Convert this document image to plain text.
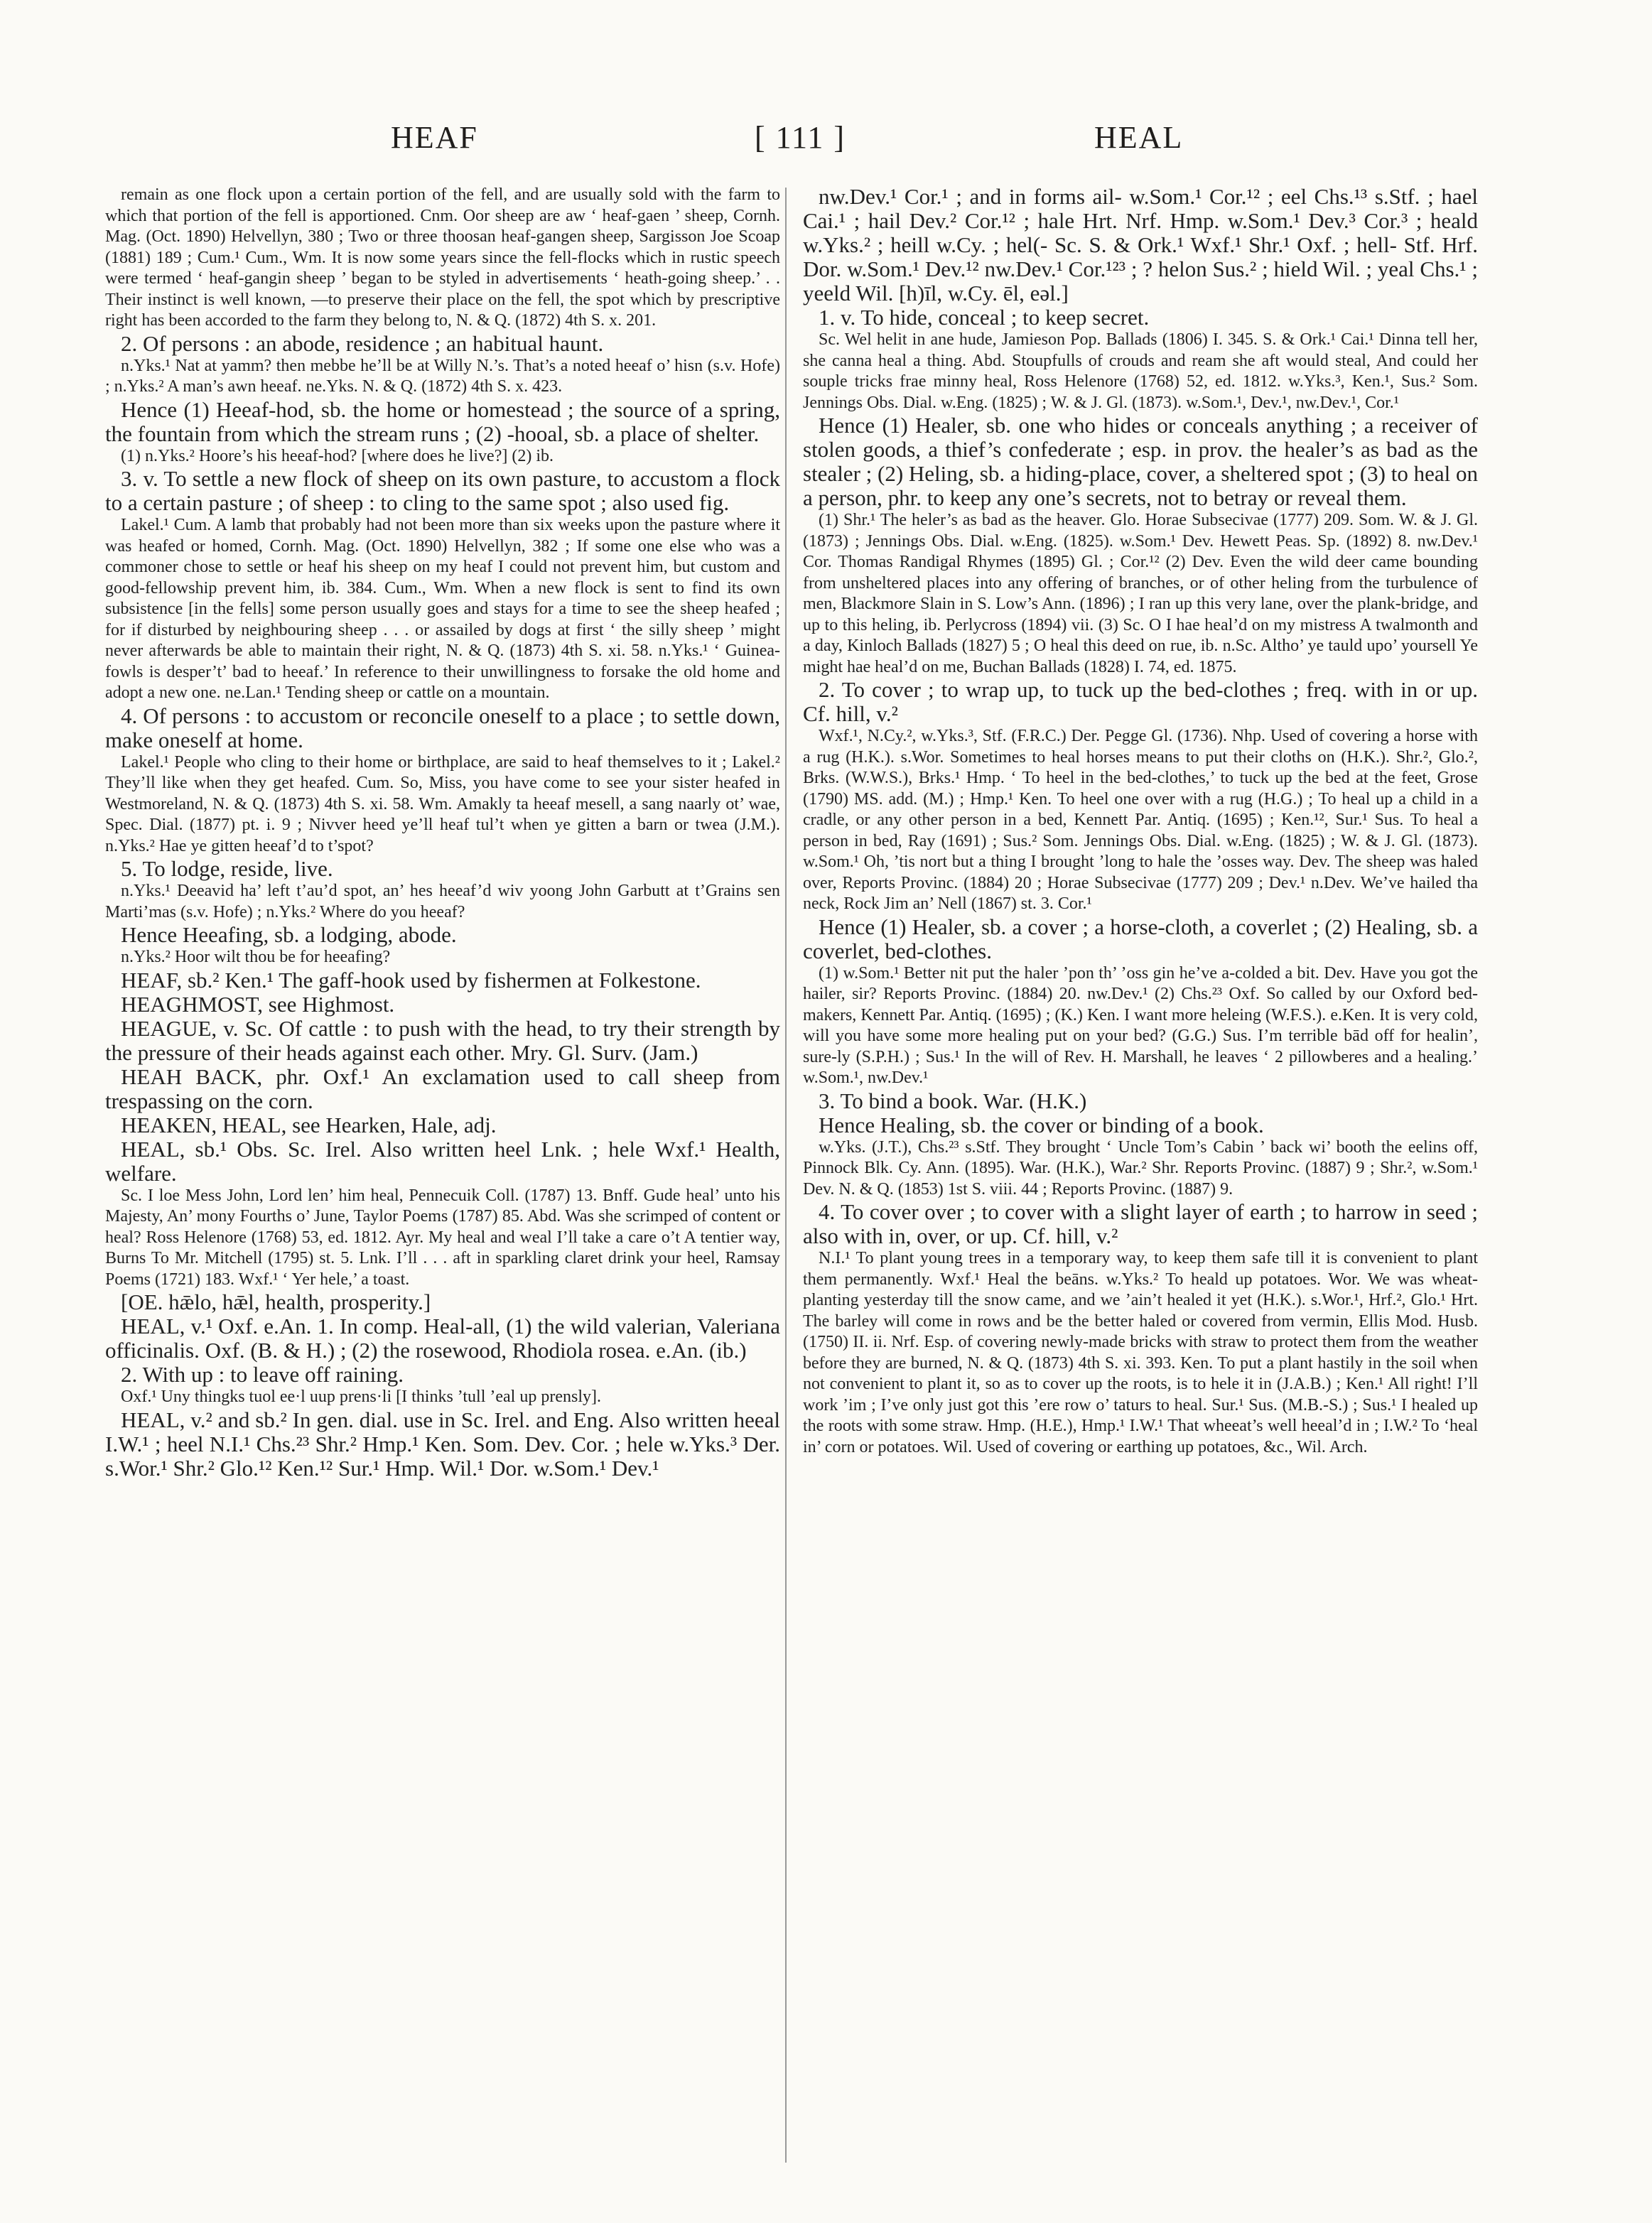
HEAF	[ 111 ]	HEAL

remain as one flock upon a certain portion of the fell, and are usually sold with the farm to which that portion of the fell is apportioned. Cnm. Oor sheep are aw ‘ heaf-gaen ’ sheep, Cornh. Mag. (Oct. 1890) Helvellyn, 380 ; Two or three thoosan heaf-gangen sheep, Sargisson Joe Scoap (1881) 189 ; Cum.¹ Cum., Wm. It is now some years since the fell-flocks which in rustic speech were termed ‘ heaf-gangin sheep ’ began to be styled in advertisements ‘ heath-going sheep.’ . . Their instinct is well known, —to preserve their place on the fell, the spot which by prescriptive right has been accorded to the farm they belong to, N. & Q. (1872) 4th S. x. 201.

2. Of persons : an abode, residence ; an habitual haunt.

n.Yks.¹ Nat at yamm? then mebbe he’ll be at Willy N.’s. That’s a noted heeaf o’ hisn (s.v. Hofe) ; n.Yks.² A man’s awn heeaf. ne.Yks. N. & Q. (1872) 4th S. x. 423.

Hence (1) Heeaf-hod, sb. the home or homestead ; the source of a spring, the fountain from which the stream runs ; (2) -hooal, sb. a place of shelter.

(1) n.Yks.² Hoore’s his heeaf-hod? [where does he live?] (2) ib.

3. v. To settle a new flock of sheep on its own pasture, to accustom a flock to a certain pasture ; of sheep : to cling to the same spot ; also used fig.

Lakel.¹ Cum. A lamb that probably had not been more than six weeks upon the pasture where it was heafed or homed, Cornh. Mag. (Oct. 1890) Helvellyn, 382 ; If some one else who was a commoner chose to settle or heaf his sheep on my heaf I could not prevent him, but custom and good-fellowship prevent him, ib. 384. Cum., Wm. When a new flock is sent to find its own subsistence [in the fells] some person usually goes and stays for a time to see the sheep heafed ; for if disturbed by neighbouring sheep . . . or assailed by dogs at first ‘ the silly sheep ’ might never afterwards be able to maintain their right, N. & Q. (1873) 4th S. xi. 58. n.Yks.¹ ‘ Guinea-fowls is desper’t’ bad to heeaf.’ In reference to their unwillingness to forsake the old home and adopt a new one. ne.Lan.¹ Tending sheep or cattle on a mountain.

4. Of persons : to accustom or reconcile oneself to a place ; to settle down, make oneself at home.

Lakel.¹ People who cling to their home or birthplace, are said to heaf themselves to it ; Lakel.² They’ll like when they get heafed. Cum. So, Miss, you have come to see your sister heafed in Westmoreland, N. & Q. (1873) 4th S. xi. 58. Wm. Amakly ta heeaf mesell, a sang naarly ot’ wae, Spec. Dial. (1877) pt. i. 9 ; Nivver heed ye’ll heaf tul’t when ye gitten a barn or twea (J.M.). n.Yks.² Hae ye gitten heeaf’d to t’spot?

5. To lodge, reside, live.

n.Yks.¹ Deeavid ha’ left t’au’d spot, an’ hes heeaf’d wiv yoong John Garbutt at t’Grains sen Marti’mas (s.v. Hofe) ; n.Yks.² Where do you heeaf?

Hence Heeafing, sb. a lodging, abode.

n.Yks.² Hoor wilt thou be for heeafing?

HEAF, sb.² Ken.¹ The gaff-hook used by fishermen at Folkestone.

HEAGHMOST, see Highmost.

HEAGUE, v. Sc. Of cattle : to push with the head, to try their strength by the pressure of their heads against each other. Mry. Gl. Surv. (Jam.)

HEAH BACK, phr. Oxf.¹ An exclamation used to call sheep from trespassing on the corn.

HEAKEN, HEAL, see Hearken, Hale, adj.

HEAL, sb.¹ Obs. Sc. Irel. Also written heel Lnk. ; hele Wxf.¹ Health, welfare.

Sc. I loe Mess John, Lord len’ him heal, Pennecuik Coll. (1787) 13. Bnff. Gude heal’ unto his Majesty, An’ mony Fourths o’ June, Taylor Poems (1787) 85. Abd. Was she scrimped of content or heal? Ross Helenore (1768) 53, ed. 1812. Ayr. My heal and weal I’ll take a care o’t A tentier way, Burns To Mr. Mitchell (1795) st. 5. Lnk. I’ll . . . aft in sparkling claret drink your heel, Ramsay Poems (1721) 183. Wxf.¹ ‘ Yer hele,’ a toast.

[OE. hǣlo, hǣl, health, prosperity.]

HEAL, v.¹ Oxf. e.An. 1. In comp. Heal-all, (1) the wild valerian, Valeriana officinalis. Oxf. (B. & H.) ; (2) the rosewood, Rhodiola rosea. e.An. (ib.)

2. With up : to leave off raining.

Oxf.¹ Uny thingks tuol ee·l uup prens·li [I thinks ’tull ’eal up prensly].

HEAL, v.² and sb.² In gen. dial. use in Sc. Irel. and Eng. Also written heeal I.W.¹ ; heel N.I.¹ Chs.²³ Shr.² Hmp.¹ Ken. Som. Dev. Cor. ; hele w.Yks.³ Der. s.Wor.¹ Shr.² Glo.¹² Ken.¹² Sur.¹ Hmp. Wil.¹ Dor. w.Som.¹ Dev.¹

nw.Dev.¹ Cor.¹ ; and in forms ail- w.Som.¹ Cor.¹² ; eel Chs.¹³ s.Stf. ; hael Cai.¹ ; hail Dev.² Cor.¹² ; hale Hrt. Nrf. Hmp. w.Som.¹ Dev.³ Cor.³ ; heald w.Yks.² ; heill w.Cy. ; hel(- Sc. S. & Ork.¹ Wxf.¹ Shr.¹ Oxf. ; hell- Stf. Hrf. Dor. w.Som.¹ Dev.¹² nw.Dev.¹ Cor.¹²³ ; ? helon Sus.² ; hield Wil. ; yeal Chs.¹ ; yeeld Wil. [h)īl, w.Cy. ēl, eəl.]

1. v. To hide, conceal ; to keep secret.

Sc. Wel helit in ane hude, Jamieson Pop. Ballads (1806) I. 345. S. & Ork.¹ Cai.¹ Dinna tell her, she canna heal a thing. Abd. Stoupfulls of crouds and ream she aft would steal, And could her souple tricks frae minny heal, Ross Helenore (1768) 52, ed. 1812. w.Yks.³, Ken.¹, Sus.² Som. Jennings Obs. Dial. w.Eng. (1825) ; W. & J. Gl. (1873). w.Som.¹, Dev.¹, nw.Dev.¹, Cor.¹

Hence (1) Healer, sb. one who hides or conceals anything ; a receiver of stolen goods, a thief’s confederate ; esp. in prov. the healer’s as bad as the stealer ; (2) Heling, sb. a hiding-place, cover, a sheltered spot ; (3) to heal on a person, phr. to keep any one’s secrets, not to betray or reveal them.

(1) Shr.¹ The heler’s as bad as the heaver. Glo. Horae Subsecivae (1777) 209. Som. W. & J. Gl. (1873) ; Jennings Obs. Dial. w.Eng. (1825). w.Som.¹ Dev. Hewett Peas. Sp. (1892) 8. nw.Dev.¹ Cor. Thomas Randigal Rhymes (1895) Gl. ; Cor.¹² (2) Dev. Even the wild deer came bounding from unsheltered places into any offering of branches, or of other heling from the turbulence of men, Blackmore Slain in S. Low’s Ann. (1896) ; I ran up this very lane, over the plank-bridge, and up to this heling, ib. Perlycross (1894) vii. (3) Sc. O I hae heal’d on my mistress A twalmonth and a day, Kinloch Ballads (1827) 5 ; O heal this deed on rue, ib. n.Sc. Altho’ ye tauld upo’ yoursell Ye might hae heal’d on me, Buchan Ballads (1828) I. 74, ed. 1875.

2. To cover ; to wrap up, to tuck up the bed-clothes ; freq. with in or up. Cf. hill, v.²

Wxf.¹, N.Cy.², w.Yks.³, Stf. (F.R.C.) Der. Pegge Gl. (1736). Nhp. Used of covering a horse with a rug (H.K.). s.Wor. Sometimes to heal horses means to put their cloths on (H.K.). Shr.², Glo.², Brks. (W.W.S.), Brks.¹ Hmp. ‘ To heel in the bed-clothes,’ to tuck up the bed at the feet, Grose (1790) MS. add. (M.) ; Hmp.¹ Ken. To heel one over with a rug (H.G.) ; To heal up a child in a cradle, or any other person in a bed, Kennett Par. Antiq. (1695) ; Ken.¹², Sur.¹ Sus. To heal a person in bed, Ray (1691) ; Sus.² Som. Jennings Obs. Dial. w.Eng. (1825) ; W. & J. Gl. (1873). w.Som.¹ Oh, ’tis nort but a thing I brought ’long to hale the ’osses way. Dev. The sheep was haled over, Reports Provinc. (1884) 20 ; Horae Subsecivae (1777) 209 ; Dev.¹ n.Dev. We’ve hailed tha neck, Rock Jim an’ Nell (1867) st. 3. Cor.¹

Hence (1) Healer, sb. a cover ; a horse-cloth, a coverlet ; (2) Healing, sb. a coverlet, bed-clothes.

(1) w.Som.¹ Better nit put the haler ’pon th’ ’oss gin he’ve a-colded a bit. Dev. Have you got the hailer, sir? Reports Provinc. (1884) 20. nw.Dev.¹ (2) Chs.²³ Oxf. So called by our Oxford bed-makers, Kennett Par. Antiq. (1695) ; (K.) Ken. I want more heleing (W.F.S.). e.Ken. It is very cold, will you have some more healing put on your bed? (G.G.) Sus. I’m terrible bād off for healin’, sure-ly (S.P.H.) ; Sus.¹ In the will of Rev. H. Marshall, he leaves ‘ 2 pillowberes and a healing.’ w.Som.¹, nw.Dev.¹

3. To bind a book. War. (H.K.)

Hence Healing, sb. the cover or binding of a book.

w.Yks. (J.T.), Chs.²³ s.Stf. They brought ‘ Uncle Tom’s Cabin ’ back wi’ booth the eelins off, Pinnock Blk. Cy. Ann. (1895). War. (H.K.), War.² Shr. Reports Provinc. (1887) 9 ; Shr.², w.Som.¹ Dev. N. & Q. (1853) 1st S. viii. 44 ; Reports Provinc. (1887) 9.

4. To cover over ; to cover with a slight layer of earth ; to harrow in seed ; also with in, over, or up. Cf. hill, v.²

N.I.¹ To plant young trees in a temporary way, to keep them safe till it is convenient to plant them permanently. Wxf.¹ Heal the beāns. w.Yks.² To heald up potatoes. Wor. We was wheat-planting yesterday till the snow came, and we ’ain’t healed it yet (H.K.). s.Wor.¹, Hrf.², Glo.¹ Hrt. The barley will come in rows and be the better haled or covered from vermin, Ellis Mod. Husb. (1750) II. ii. Nrf. Esp. of covering newly-made bricks with straw to protect them from the weather before they are burned, N. & Q. (1873) 4th S. xi. 393. Ken. To put a plant hastily in the soil when not convenient to plant it, so as to cover up the roots, is to hele it in (J.A.B.) ; Ken.¹ All right! I’ll work ’im ; I’ve only just got this ’ere row o’ taturs to heal. Sur.¹ Sus. (M.B.-S.) ; Sus.¹ I healed up the roots with some straw. Hmp. (H.E.), Hmp.¹ I.W.¹ That wheeat’s well heeal’d in ; I.W.² To ‘heal in’ corn or potatoes. Wil. Used of covering or earthing up potatoes, &c., Wil. Arch.
